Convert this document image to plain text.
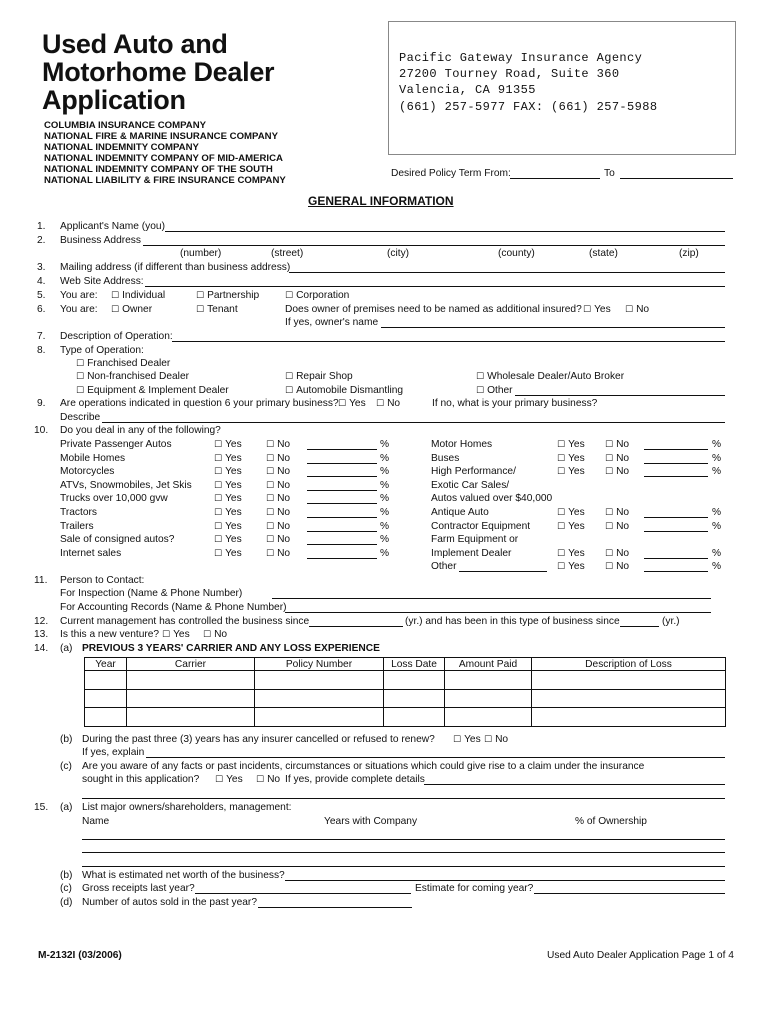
Used Auto and
Motorhome Dealer
Application
COLUMBIA INSURANCE COMPANY
NATIONAL FIRE & MARINE INSURANCE COMPANY
NATIONAL INDEMNITY COMPANY
NATIONAL INDEMNITY COMPANY OF MID-AMERICA
NATIONAL INDEMNITY COMPANY OF THE SOUTH
NATIONAL LIABILITY & FIRE INSURANCE COMPANY
Pacific Gateway Insurance Agency
27200 Tourney Road, Suite 360
Valencia, CA 91355
(661) 257-5977 FAX: (661) 257-5988
Desired Policy Term From:	To
GENERAL INFORMATION
1. Applicant's Name (you)
2. Business Address
(number)	(street)	(city)	(county)	(state)	(zip)
3. Mailing address (if different than business address)
4. Web Site Address:
5. You are: ☐ Individual	☐ Partnership	☐ Corporation
6. You are: ☐ Owner	☐ Tenant	Does owner of premises need to be named as additional insured? ☐ Yes ☐ No
If yes, owner's name
7. Description of Operation:
8. Type of Operation:
☐ Franchised Dealer
☐ Non-franchised Dealer	☐ Repair Shop	☐ Wholesale Dealer/Auto Broker
☐ Equipment & Implement Dealer	☐ Automobile Dismantling	☐ Other
9. Are operations indicated in question 6 your primary business? ☐ Yes ☐ No	If no, what is your primary business?
Describe
10. Do you deal in any of the following?
Private Passenger Autos	☐ Yes	☐ No	%
Mobile Homes	☐ Yes	☐ No	%
Motorcycles	☐ Yes	☐ No	%
ATVs, Snowmobiles, Jet Skis ☐ Yes	☐ No	%
Trucks over 10,000 gvw	☐ Yes	☐ No	%
Tractors	☐ Yes	☐ No	%
Trailers	☐ Yes	☐ No	%
Sale of consigned autos?	☐ Yes	☐ No	%
Internet sales	☐ Yes	☐ No	%
Motor Homes	☐ Yes ☐ No	%
Buses	☐ Yes ☐ No	%
High Performance/	☐ Yes ☐ No	%
Exotic Car Sales/
Autos valued over $40,000
Antique Auto	☐ Yes ☐ No	%
Contractor Equipment	☐ Yes ☐ No	%
Farm Equipment or
Implement Dealer	☐ Yes ☐ No	%
Other	☐ Yes ☐ No	%
11. Person to Contact:
For Inspection (Name & Phone Number)
For Accounting Records (Name & Phone Number)
12. Current management has controlled the business since	(yr.) and has been in this type of business since	(yr.)
13. Is this a new venture? ☐ Yes ☐ No
14. (a) PREVIOUS 3 YEARS' CARRIER AND ANY LOSS EXPERIENCE
Year	Carrier	Policy Number	Loss Date	Amount Paid	Description of Loss

(b) During the past three (3) years has any insurer cancelled or refused to renew? ☐ Yes ☐ No
If yes, explain
(c) Are you aware of any facts or past incidents, circumstances or situations which could give rise to a claim under the insurance
sought in this application? ☐ Yes ☐ No If yes, provide complete details
15. (a) List major owners/shareholders, management:
Name	Years with Company	% of Ownership
(b) What is estimated net worth of the business?
(c) Gross receipts last year?	Estimate for coming year?
(d) Number of autos sold in the past year?
M-2132I (03/2006)	Used Auto Dealer Application Page 1 of 4
